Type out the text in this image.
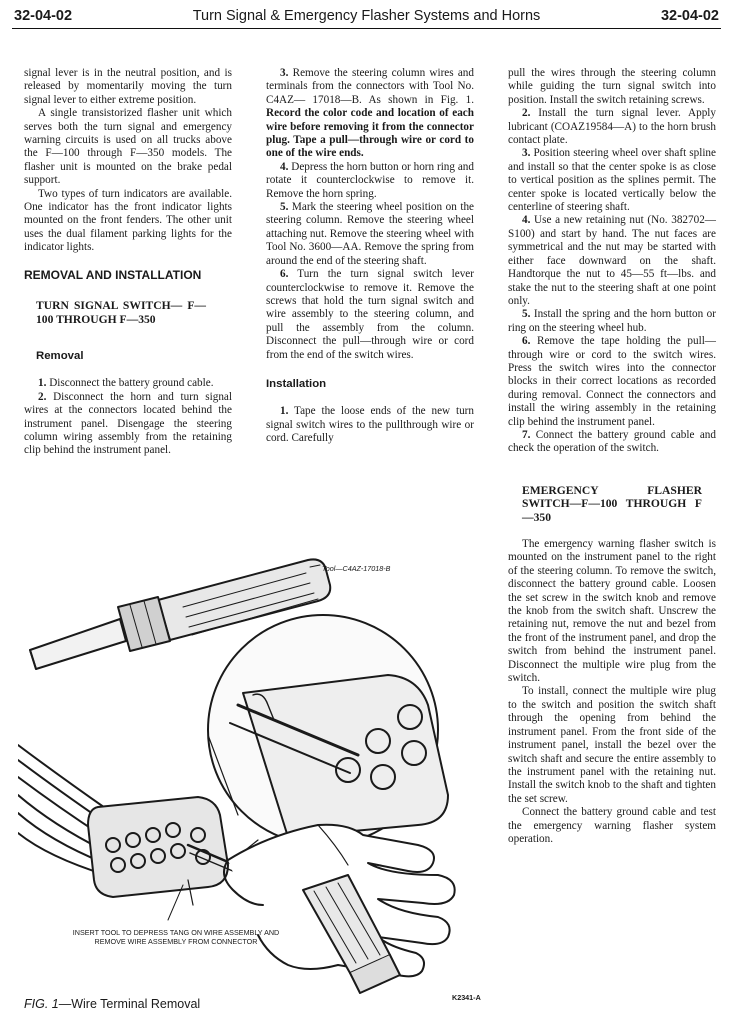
32-04-02	Turn Signal & Emergency Flasher Systems and Horns	32-04-02

signal lever is in the neutral position, and is released by momentarily moving the turn signal lever to either extreme position.

A single transistorized flasher unit which serves both the turn signal and emergency warning circuits is used on all trucks above the F—100 through F—350 models. The flasher unit is mounted on the brake pedal support.

Two types of turn indicators are available. One indicator has the front indicator lights mounted on the front fenders. The other unit uses the dual filament parking lights for the indicator lights.

REMOVAL AND INSTALLATION

TURN SIGNAL SWITCH— F—100 THROUGH F—350

Removal

1. Disconnect the battery ground cable.

2. Disconnect the horn and turn signal wires at the connectors located behind the instrument panel. Disengage the steering column wiring assembly from the retaining clip behind the instrument panel.

3. Remove the steering column wires and terminals from the connectors with Tool No. C4AZ— 17018—B. As shown in Fig. 1. Record the color code and location of each wire before removing it from the connector plug. Tape a pull—through wire or cord to one of the wire ends.

4. Depress the horn button or horn ring and rotate it counterclockwise to remove it. Remove the horn spring.

5. Mark the steering wheel position on the steering column. Remove the steering wheel attaching nut. Remove the steering wheel with Tool No. 3600—AA. Remove the spring from around the end of the steering shaft.

6. Turn the turn signal switch lever counterclockwise to remove it. Remove the screws that hold the turn signal switch and wire assembly to the steering column, and pull the assembly from the column. Disconnect the pull—through wire or cord from the end of the switch wires.

Installation

1. Tape the loose ends of the new turn signal switch wires to the pullthrough wire or cord. Carefully

pull the wires through the steering column while guiding the turn signal switch into position. Install the switch retaining screws.

2. Install the turn signal lever. Apply lubricant (COAZ19584—A) to the horn brush contact plate.

3. Position steering wheel over shaft spline and install so that the center spoke is as close to vertical position as the splines permit. The center spoke is located vertically below the centerline of steering shaft.

4. Use a new retaining nut (No. 382702—S100) and start by hand. The nut faces are symmetrical and the nut may be started with either face downward on the shaft. Handtorque the nut to 45—55 ft—lbs. and stake the nut to the steering shaft at one point only.

5. Install the spring and the horn button or ring on the steering wheel hub.

6. Remove the tape holding the pull—through wire or cord to the switch wires. Press the switch wires into the connector blocks in their correct locations as recorded during removal. Connect the connectors and install the wiring assembly in the retaining clip behind the instrument panel.

7. Connect the battery ground cable and check the operation of the switch.

EMERGENCY FLASHER SWITCH—F—100 THROUGH F—350

The emergency warning flasher switch is mounted on the instrument panel to the right of the steering column. To remove the switch, disconnect the battery ground cable. Loosen the set screw in the switch knob and remove the knob from the switch shaft. Unscrew the retaining nut, remove the nut and bezel from the front of the instrument panel, and drop the switch from behind the instrument panel. Disconnect the multiple wire plug from the switch.

To install, connect the multiple wire plug to the switch and position the switch shaft through the opening from behind the instrument panel. From the front side of the instrument panel, install the bezel over the switch shaft and secure the entire assembly to the instrument panel with the retaining nut. Install the switch knob to the shaft and tighten the set screw.

Connect the battery ground cable and test the emergency warning flasher system operation.

Tool—C4AZ-17018-B
INSERT TOOL TO DEPRESS TANG ON WIRE ASSEMBLY AND REMOVE WIRE ASSEMBLY FROM CONNECTOR
K2341-A
FIG. 1—Wire Terminal Removal
